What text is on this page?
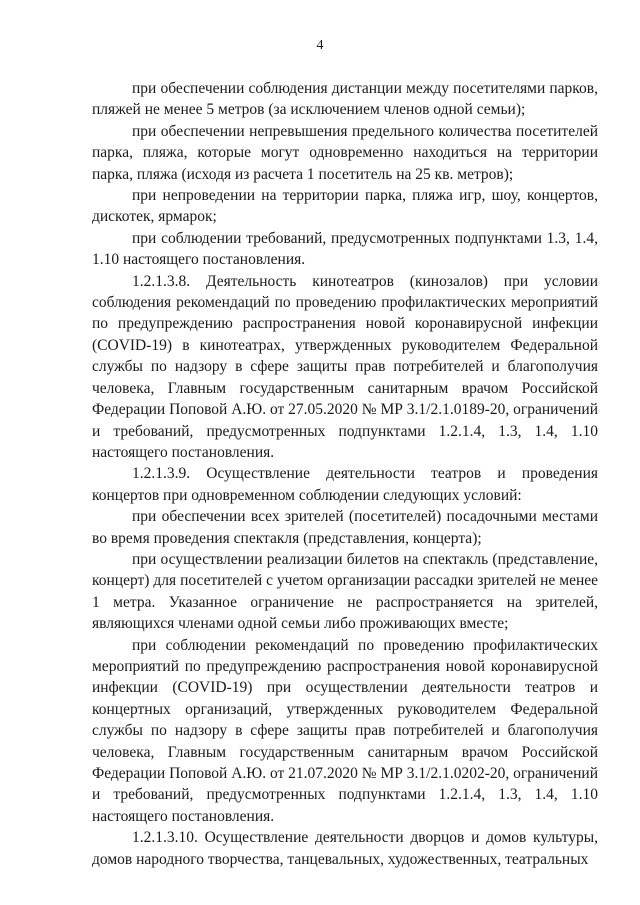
4

при обеспечении соблюдения дистанции между посетителями парков, пляжей не менее 5 метров (за исключением членов одной семьи);

при обеспечении непревышения предельного количества посетителей парка, пляжа, которые могут одновременно находиться на территории парка, пляжа (исходя из расчета 1 посетитель на 25 кв. метров);

при непроведении на территории парка, пляжа игр, шоу, концертов, дискотек, ярмарок;

при соблюдении требований, предусмотренных подпунктами 1.3, 1.4, 1.10 настоящего постановления.

1.2.1.3.8. Деятельность кинотеатров (кинозалов) при условии соблюдения рекомендаций по проведению профилактических мероприятий по предупреждению распространения новой коронавирусной инфекции (COVID-19) в кинотеатрах, утвержденных руководителем Федеральной службы по надзору в сфере защиты прав потребителей и благополучия человека, Главным государственным санитарным врачом Российской Федерации Поповой А.Ю. от 27.05.2020 № МР 3.1/2.1.0189-20, ограничений и требований, предусмотренных подпунктами 1.2.1.4, 1.3, 1.4, 1.10 настоящего постановления.

1.2.1.3.9. Осуществление деятельности театров и проведения концертов при одновременном соблюдении следующих условий:

при обеспечении всех зрителей (посетителей) посадочными местами во время проведения спектакля (представления, концерта);

при осуществлении реализации билетов на спектакль (представление, концерт) для посетителей с учетом организации рассадки зрителей не менее 1 метра. Указанное ограничение не распространяется на зрителей, являющихся членами одной семьи либо проживающих вместе;

при соблюдении рекомендаций по проведению профилактических мероприятий по предупреждению распространения новой коронавирусной инфекции (COVID-19) при осуществлении деятельности театров и концертных организаций, утвержденных руководителем Федеральной службы по надзору в сфере защиты прав потребителей и благополучия человека, Главным государственным санитарным врачом Российской Федерации Поповой А.Ю. от 21.07.2020 № МР 3.1/2.1.0202-20, ограничений и требований, предусмотренных подпунктами 1.2.1.4, 1.3, 1.4, 1.10 настоящего постановления.

1.2.1.3.10. Осуществление деятельности дворцов и домов культуры, домов народного творчества, танцевальных, художественных, театральных
